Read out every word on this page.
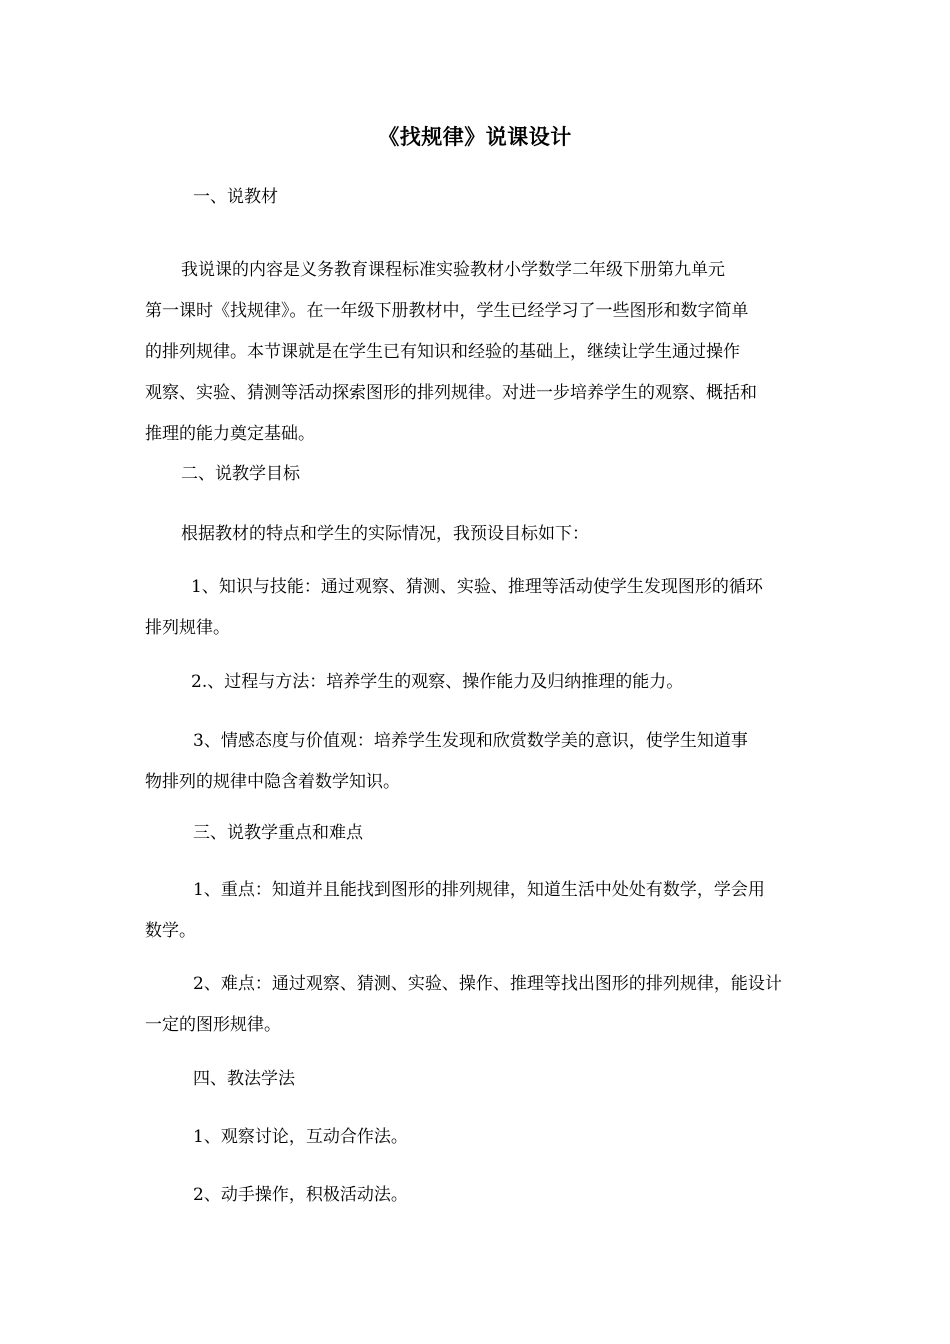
《找规律》说课设计
一、说教材
我说课的内容是义务教育课程标准实验教材小学数学二年级下册第九单元
第一课时《找规律》。在一年级下册教材中，学生已经学习了一些图形和数字简单
的排列规律。本节课就是在学生已有知识和经验的基础上，继续让学生通过操作
观察、实验、猜测等活动探索图形的排列规律。对进一步培养学生的观察、概括和
推理的能力奠定基础。
二、说教学目标
根据教材的特点和学生的实际情况，我预设目标如下：
1、知识与技能：通过观察、猜测、实验、推理等活动使学生发现图形的循环
排列规律。
2.、过程与方法：培养学生的观察、操作能力及归纳推理的能力。
3、情感态度与价值观：培养学生发现和欣赏数学美的意识，使学生知道事
物排列的规律中隐含着数学知识。
三、说教学重点和难点
1、重点：知道并且能找到图形的排列规律，知道生活中处处有数学，学会用
数学。
2、难点：通过观察、猜测、实验、操作、推理等找出图形的排列规律，能设计
一定的图形规律。
四、教法学法
1、观察讨论，互动合作法。
2、动手操作，积极活动法。
